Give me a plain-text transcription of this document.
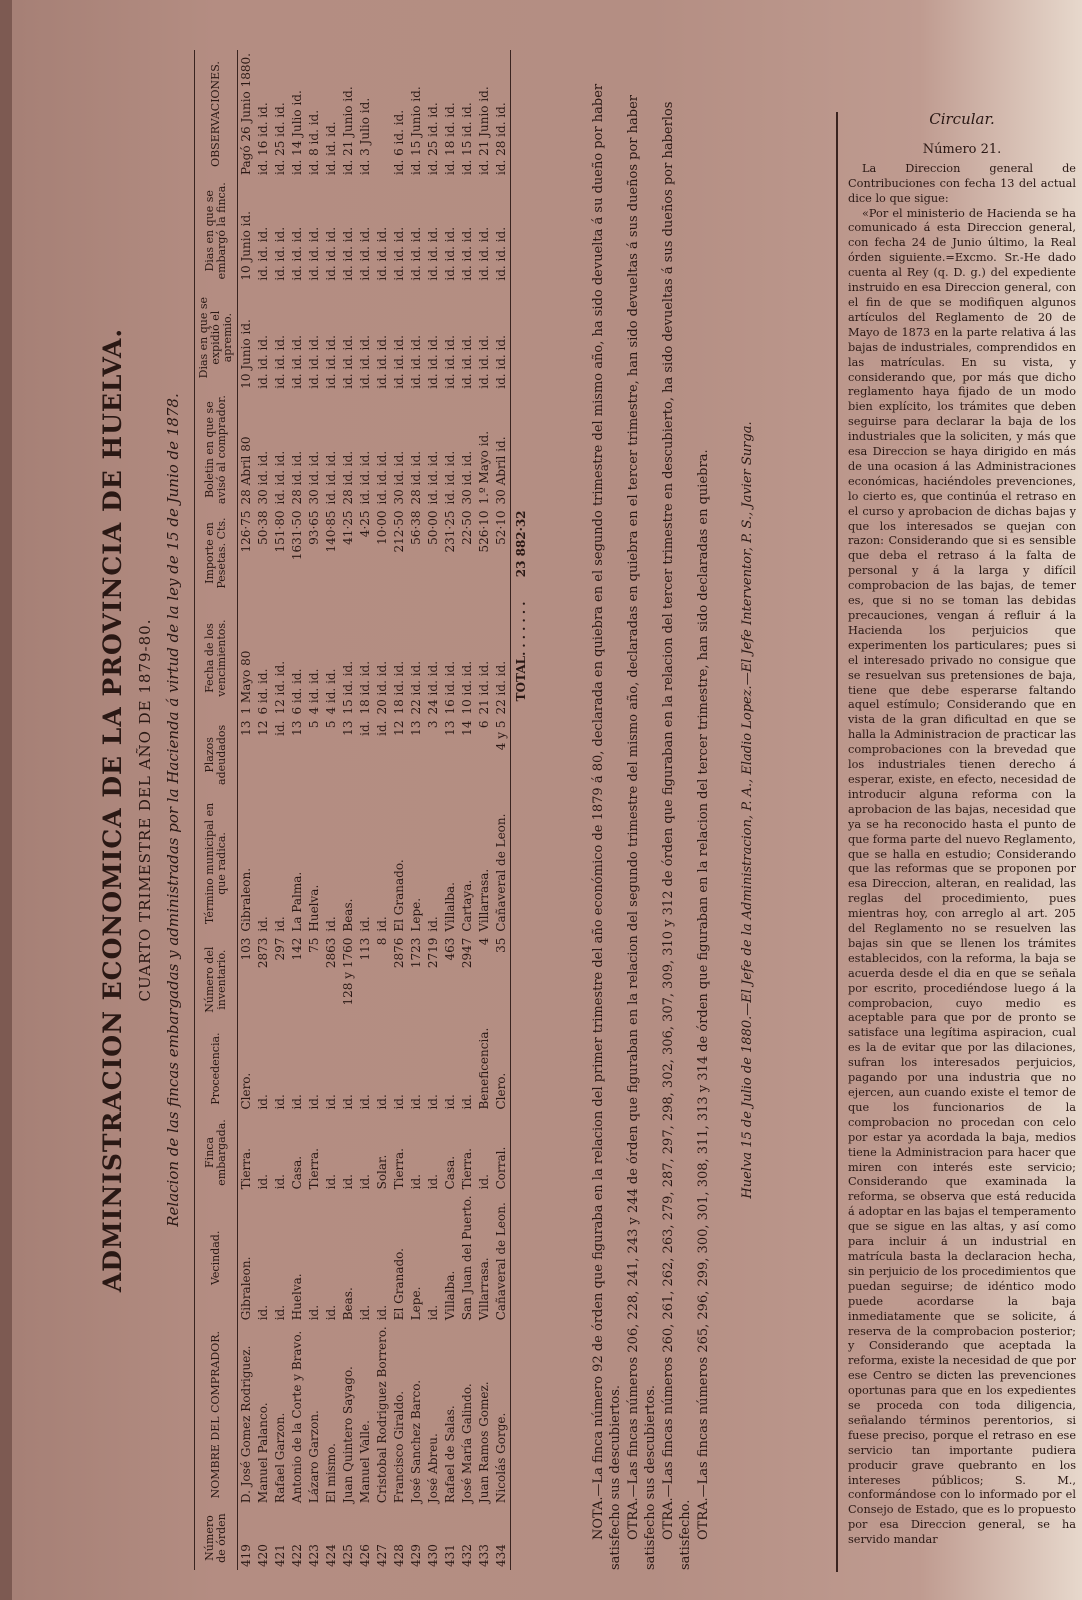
ADMINISTRACION ECONOMICA DE LA PROVINCIA DE HUELVA. CUARTO TRIMESTRE DEL AÑO DE 1879-80. Relacion de las fincas embargadas y administradas por la Hacienda á virtud de la ley de 15 de Junio de 1878.
Número de órden	NOMBRE DEL COMPRADOR.	Vecindad.	Finca embargada.	Procedencia.	Número del inventario.	Término municipal en que radica.	Plazos adeudados	Fecha de los vencimientos.	Importe en Pesetas. Cts.	Boletin en que se avisó al comprador.	Dias en que se expidió el apremio.	Dias en que se embargó la finca.	OBSERVACIONES.
419	D. José Gomez Rodriguez.	Gibraleon.	Tierra.	Clero.	103	Gibraleon.	13	1 Mayo 80	126·75	28 Abril 80	10 Junio id.	10 Junio id.	Pagó 26 Junio 1880.
420	Manuel Palanco.	id.	id.	id.	2873	id.	12	6 id. id.	50·38	30 id. id.	id. id. id.	id. id. id.	id. 16 id. id.
421	Rafael Garzon.	id.	id.	id.	297	id.	id.	12 id. id.	151·80	id. id. id.	id. id. id.	id. id. id.	id. 25 id. id.
422	Antonio de la Corte y Bravo.	Huelva.	Casa.	id.	142	La Palma.	13	6 id. id.	1631·50	28 id. id.	id. id. id.	id. id. id.	id. 14 Julio id.
423	Lázaro Garzon.	id.	Tierra.	id.	75	Huelva.	5	4 id. id.	93·65	30 id. id.	id. id. id.	id. id. id.	id. 8 id. id.
424	El mismo.	id.	id.	id.	2863	id.	5	4 id. id.	140·85	id. id. id.	id. id. id.	id. id. id.	id. id. id.
425	Juan Quintero Sayago.	Beas.	id.	id.	128 y 1760	Beas.	13	15 id. id.	41·25	28 id. id.	id. id. id.	id. id. id.	id. 21 Junio id.
426	Manuel Valle.	id.	id.	id.	113	id.	id.	18 id. id.	4·25	id. id. id.	id. id. id.	id. id. id.	id. 3 Julio id.
427	Cristobal Rodriguez Borrero.	id.	Solar.	id.	8	id.	id.	20 id. id.	10·00	id. id. id.	id. id. id.	id. id. id.	
428	Francisco Giraldo.	El Granado.	Tierra.	id.	2876	El Granado.	12	18 id. id.	212·50	30 id. id.	id. id. id.	id. id. id.	id. 6 id. id.
429	José Sanchez Barco.	Lepe.	id.	id.	1723	Lepe.	13	22 id. id.	56·38	28 id. id.	id. id. id.	id. id. id.	id. 15 Junio id.
430	José Abreu.	id.	id.	id.	2719	id.	3	24 id. id.	50·00	id. id. id.	id. id. id.	id. id. id.	id. 25 id. id.
431	Rafael de Salas.	Villalba.	Casa.	id.	463	Villalba.	13	16 id. id.	231·25	id. id. id.	id. id. id.	id. id. id.	id. 18 id. id.
432	José María Galindo.	San Juan del Puerto.	Tierra.	id.	2947	Cartaya.	14	10 id. id.	22·50	30 id. id.	id. id. id.	id. id. id.	id. 15 id. id.
433	Juan Ramos Gomez.	Villarrasa.	id.	Beneficencia.	4	Villarrasa.	6	21 id. id.	526·10	1.º Mayo id.	id. id. id.	id. id. id.	id. 21 Junio id.
434	Nicolás Gorge.	Cañaveral de Leon.	Corral.	Clero.	35	Cañaveral de Leon.	4 y 5	22 id. id.	52·10	30 Abril id.	id. id. id.	id. id. id.	id. 28 id. id.
								TOTAL. . . . . . .	23 882·32					NOTA.—La finca número 92 de órden que figuraba en la relacion del primer trimestre del año económico de 1879 á 80, declarada en quiebra en el segundo trimestre del mismo año, ha sido devuelta á su dueño por haber satisfecho sus descubiertos. OTRA.—Las fincas números 206, 228, 241, 243 y 244 de órden que figuraban en la relacion del segundo trimestre del mismo año, declaradas en quiebra en el tercer trimestre, han sido devueltas á sus dueños por haber satisfecho sus descubiertos. OTRA.—Las fincas números 260, 261, 262, 263, 279, 287, 297, 298, 302, 306, 307, 309, 310 y 312 de órden que figuraban en la relacion del tercer trimestre en descubierto, ha sido devueltas á sus dueños por haberlos satisfecho. OTRA.—Las fincas números 265, 296, 299, 300, 301, 308, 311, 313 y 314 de órden que figuraban en la relacion del tercer trimestre, han sido declaradas en quiebra. Huelva 15 de Julio de 1880.—El Jefe de la Administracion, P. A., Eladio Lopez.—El Jefe Interventor, P. S., Javier Surga.
Circular.
Número 21.

La Direccion general de Contribuciones con fecha 13 del actual dice lo que sigue:

«Por el ministerio de Hacienda se ha comunicado á esta Direccion general, con fecha 24 de Junio último, la Real órden siguiente.=Excmo. Sr.-He dado cuenta al Rey (q. D. g.) del expediente instruido en esa Direccion general, con el fin de que se modifiquen algunos artículos del Reglamento de 20 de Mayo de 1873 en la parte relativa á las bajas de industriales, comprendidos en las matrículas. En su vista, y considerando que, por más que dicho reglamento haya fijado de un modo bien explícito, los trámites que deben seguirse para declarar la baja de los industriales que la soliciten, y más que esa Direccion se haya dirigido en más de una ocasion á las Administraciones económicas, haciéndoles prevenciones, lo cierto es, que continúa el retraso en el curso y aprobacion de dichas bajas y que los interesados se quejan con razon: Considerando que si es sensible que deba el retraso á la falta de personal y á la larga y difícil comprobacion de las bajas, de temer es, que si no se toman las debidas precauciones, vengan á refluir á la Hacienda los perjuicios que experimenten los particulares; pues si el interesado privado no consigue que se resuelvan sus pretensiones de baja, tiene que debe esperarse faltando aquel estímulo; Considerando que en vista de la gran dificultad en que se halla la Administracion de practicar las comprobaciones con la brevedad que los industriales tienen derecho á esperar, existe, en efecto, necesidad de introducir alguna reforma con la aprobacion de las bajas, necesidad que ya se ha reconocido hasta el punto de que forma parte del nuevo Reglamento, que se halla en estudio; Considerando que las reformas que se proponen por esa Direccion, alteran, en realidad, las reglas del procedimiento, pues mientras hoy, con arreglo al art. 205 del Reglamento no se resuelven las bajas sin que se llenen los trámites establecidos, con la reforma, la baja se acuerda desde el dia en que se señala por escrito, procediéndose luego á la comprobacion, cuyo medio es aceptable para que por de pronto se satisface una legítima aspiracion, cual es la de evitar que por las dilaciones, sufran los interesados perjuicios, pagando por una industria que no ejercen, aun cuando existe el temor de que los funcionarios de la comprobacion no procedan con celo por estar ya acordada la baja, medios tiene la Administracion para hacer que miren con interés este servicio; Considerando que examinada la reforma, se observa que está reducida á adoptar en las bajas el temperamento que se sigue en las altas, y así como para incluir á un industrial en matrícula basta la declaracion hecha, sin perjuicio de los procedimientos que puedan seguirse; de idéntico modo puede acordarse la baja inmediatamente que se solicite, á reserva de la comprobacion posterior; y Considerando que aceptada la reforma, existe la necesidad de que por ese Centro se dicten las prevenciones oportunas para que en los expedientes se proceda con toda diligencia, señalando términos perentorios, si fuese preciso, porque el retraso en ese servicio tan importante pudiera producir grave quebranto en los intereses públicos; S. M., conformándose con lo informado por el Consejo de Estado, que es lo propuesto por esa Direccion general, se ha servido mandar
